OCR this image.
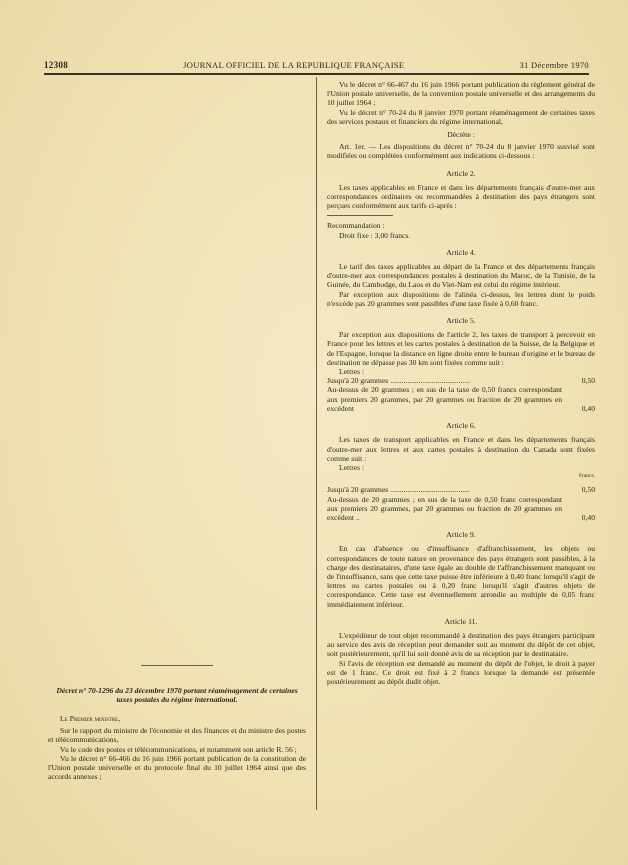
12308	JOURNAL OFFICIEL DE LA REPUBLIQUE FRANÇAISE	31 Décembre 1970
Décret n° 70-1296 du 23 décembre 1970 portant réaménagement de certaines taxes postales du régime international.

Le Premier ministre,

Sur le rapport du ministre de l'économie et des finances et du ministre des postes et télécommunications,

Vu le code des postes et télécommunications, et notamment son article R. 56 ;

Vu le décret n° 66-466 du 16 juin 1966 portant publication de la constitution de l'Union postale universelle et du protocole final du 10 juillet 1964 ainsi que des accords annexes ;

Vu le décret n° 66-467 du 16 juin 1966 portant publication du règlement général de l'Union postale universelle, de la convention postale universelle et des arrangements du 10 juillet 1964 ;

Vu le décret n° 70-24 du 8 janvier 1970 portant réaménagement de certaines taxes des services postaux et financiers du régime international,

Décrète :

Art. 1er. — Les dispositions du décret n° 70-24 du 8 janvier 1970 susvisé sont modifiées ou complétées conformément aux indications ci-dessous :

Article 2.

Les taxes applicables en France et dans les départements français d'outre-mer aux correspondances ordinaires ou recommandées à destination des pays étrangers sont perçues conformément aux tarifs ci-après :

Recommandation :

Droit fixe : 3,00 francs.

Article 4.

Le tarif des taxes applicables au départ de la France et des départements français d'outre-mer aux correspondances postales à destination du Maroc, de la Tunisie, de la Guinée, du Cambodge, du Laos et du Viet-Nam est celui du régime intérieur.

Par exception aux dispositions de l'alinéa ci-dessus, les lettres dont le poids n'excède pas 20 grammes sont passibles d'une taxe fixée à 0,60 franc.

Article 5.

Par exception aux dispositions de l'article 2, les taxes de transport à percevoir en France pour les lettres et les cartes postales à destination de la Suisse, de la Belgique et de l'Espagne, lorsque la distance en ligne droite entre le bureau d'origine et le bureau de destination ne dépasse pas 30 km sont fixées comme suit :

Lettres :

Jusqu'à 20 grammes ..........................................	0,50
Au-dessus de 20 grammes ; en sus de la taxe de 0,50 francs correspondant aux premiers 20 grammes, par 20 grammes ou fraction de 20 grammes en excédent	0,40
Article 6.

Les taxes de transport applicables en France et dans les départements français d'outre-mer aux lettres et aux cartes postales à destination du Canada sont fixées comme suit :

Lettres :

Francs.

Jusqu'à 20 grammes ..........................................	0,50
Au-dessus de 20 grammes ; en sus de la taxe de 0,50 franc correspondant aux premiers 20 grammes, par 20 grammes ou fraction de 20 grammes en excédent ..	0,40
Article 9.

En cas d'absence ou d'insuffisance d'affranchissement, les objets ou correspondances de toute nature en provenance des pays étrangers sont passibles, à la charge des destinataires, d'une taxe égale au double de l'affranchissement manquant ou de l'insuffisance, sans que cette taxe puisse être inférieure à 0,40 franc lorsqu'il s'agit de lettres ou cartes postales ou à 0,20 franc lorsqu'il s'agit d'autres objets de correspondance. Cette taxe est éventuellement arrondie au multiple de 0,05 franc immédiatement inférieur.

Article 11.

L'expéditeur de tout objet recommandé à destination des pays étrangers participant au service des avis de réception peut demander soit au moment du dépôt de cet objet, soit postérieurement, qu'il lui soit donné avis de sa réception par le destinataire.

Si l'avis de réception est demandé au moment du dépôt de l'objet, le droit à payer est de 1 franc. Ce droit est fixé à 2 francs lorsque la demande est présentée postérieurement au dépôt dudit objet.
